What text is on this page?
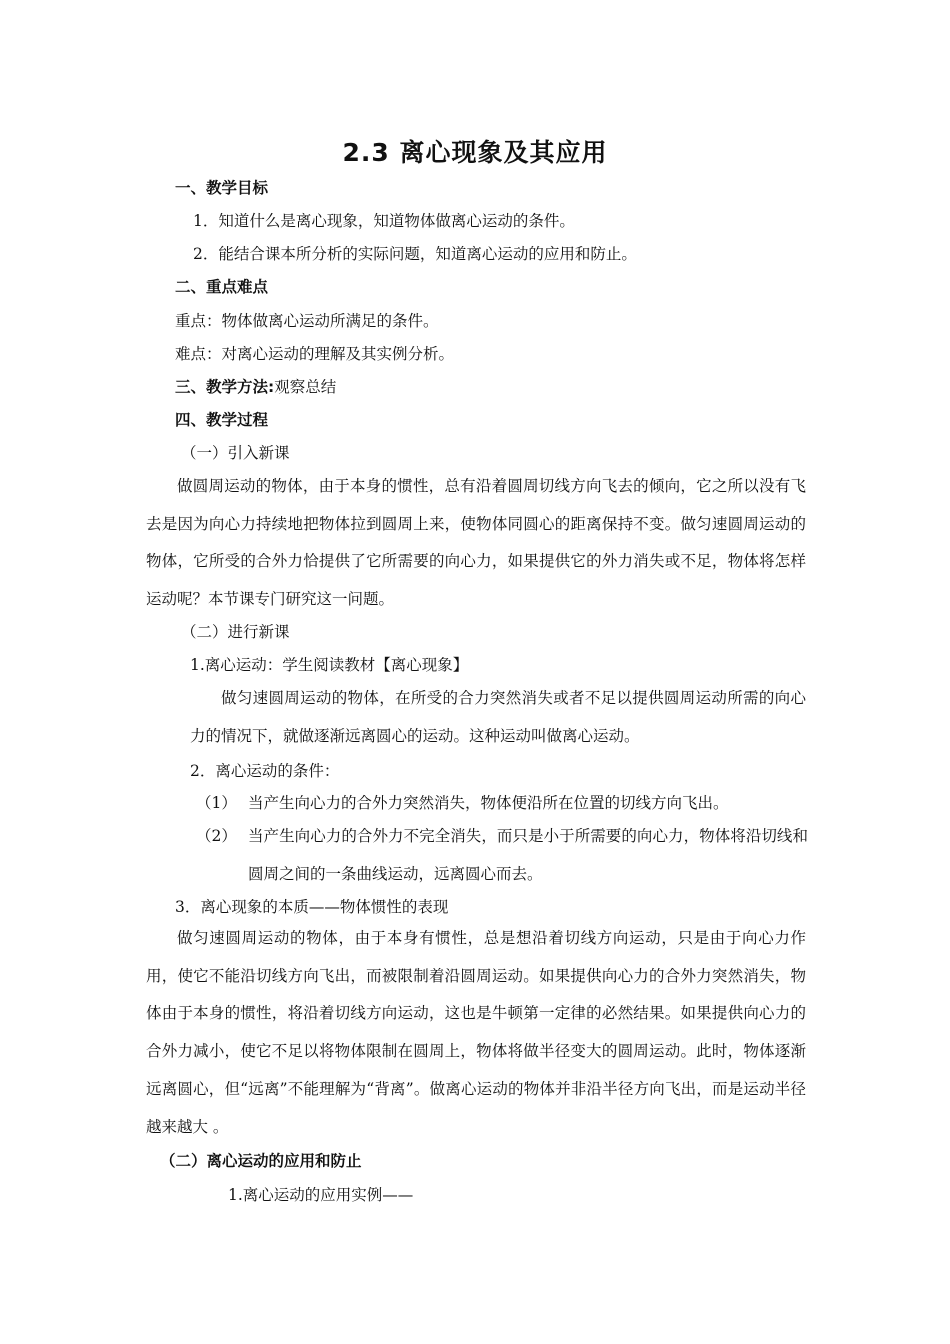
2.3 离心现象及其应用
一、教学目标
1．知道什么是离心现象，知道物体做离心运动的条件。
2．能结合课本所分析的实际问题，知道离心运动的应用和防止。
二、重点难点
重点：物体做离心运动所满足的条件。
难点：对离心运动的理解及其实例分析。
三、教学方法:观察总结
四、教学过程
（一）引入新课
做圆周运动的物体，由于本身的惯性，总有沿着圆周切线方向飞去的倾向，它之所以没有飞去是因为向心力持续地把物体拉到圆周上来，使物体同圆心的距离保持不变。做匀速圆周运动的物体，它所受的合外力恰提供了它所需要的向心力，如果提供它的外力消失或不足，物体将怎样运动呢？本节课专门研究这一问题。
（二）进行新课
1.离心运动：学生阅读教材【离心现象】
做匀速圆周运动的物体，在所受的合力突然消失或者不足以提供圆周运动所需的向心力的情况下，就做逐渐远离圆心的运动。这种运动叫做离心运动。
2．离心运动的条件：
（1） 当产生向心力的合外力突然消失，物体便沿所在位置的切线方向飞出。
（2） 当产生向心力的合外力不完全消失，而只是小于所需要的向心力，物体将沿切线和圆周之间的一条曲线运动，远离圆心而去。
3．离心现象的本质——物体惯性的表现
做匀速圆周运动的物体，由于本身有惯性，总是想沿着切线方向运动，只是由于向心力作用，使它不能沿切线方向飞出，而被限制着沿圆周运动。如果提供向心力的合外力突然消失，物体由于本身的惯性，将沿着切线方向运动，这也是牛顿第一定律的必然结果。如果提供向心力的合外力减小，使它不足以将物体限制在圆周上，物体将做半径变大的圆周运动。此时，物体逐渐远离圆心，但“远离”不能理解为“背离”。做离心运动的物体并非沿半径方向飞出，而是运动半径越来越大 。
（二）离心运动的应用和防止
1.离心运动的应用实例——
